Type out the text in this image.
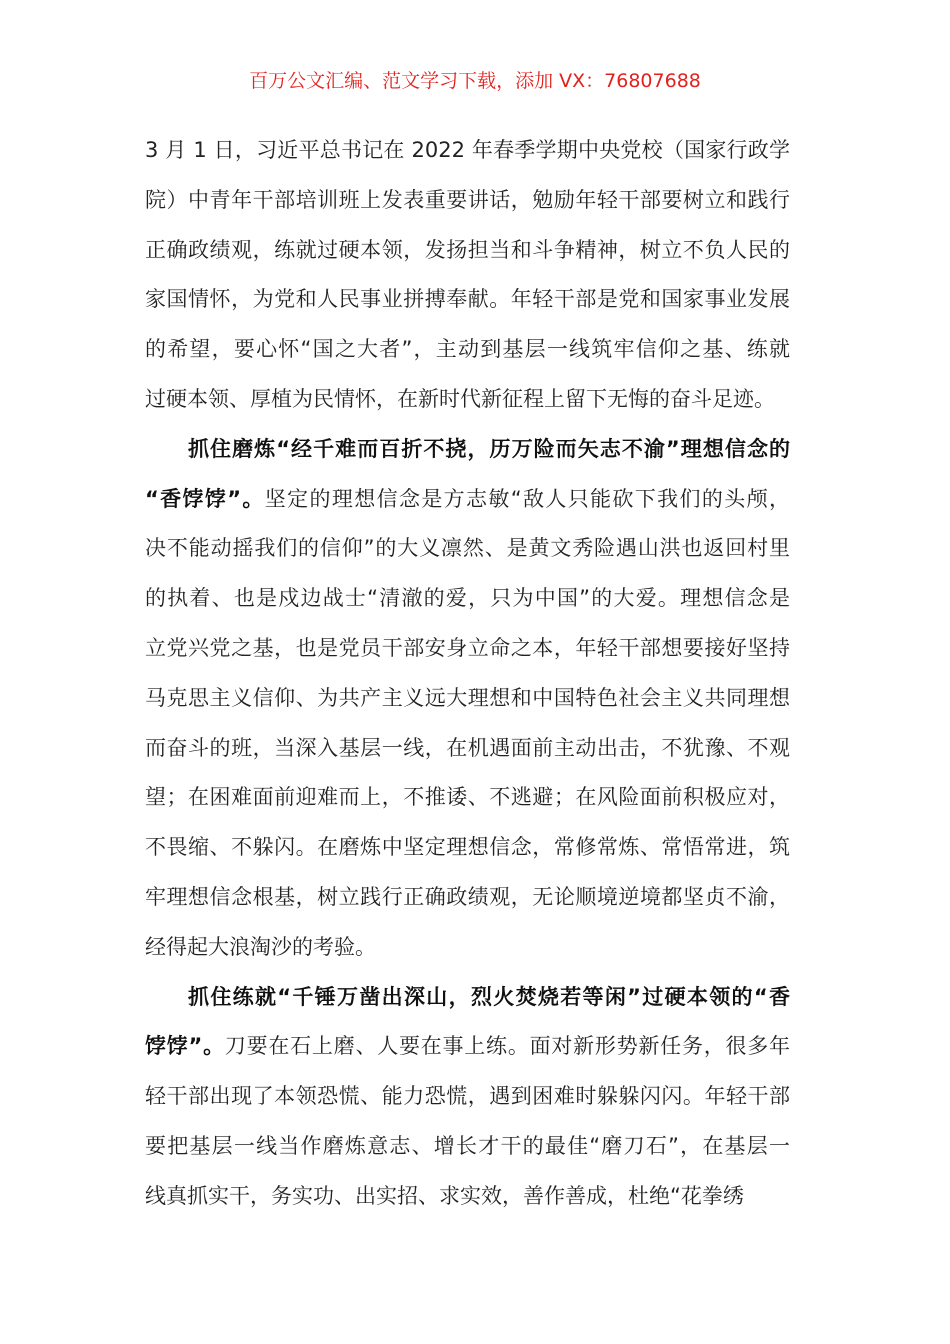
百万公文汇编、范文学习下载，添加 VX：76807688
3 月 1 日，习近平总书记在 2022 年春季学期中央党校（国家行政学
院）中青年干部培训班上发表重要讲话，勉励年轻干部要树立和践行
正确政绩观，练就过硬本领，发扬担当和斗争精神，树立不负人民的
家国情怀，为党和人民事业拼搏奉献。年轻干部是党和国家事业发展
的希望，要心怀“国之大者”，主动到基层一线筑牢信仰之基、练就
过硬本领、厚植为民情怀，在新时代新征程上留下无悔的奋斗足迹。
抓住磨炼“经千难而百折不挠，历万险而矢志不渝”理想信念的
“香饽饽”。坚定的理想信念是方志敏“敌人只能砍下我们的头颅，
决不能动摇我们的信仰”的大义凛然、是黄文秀险遇山洪也返回村里
的执着、也是戍边战士“清澈的爱，只为中国”的大爱。理想信念是
立党兴党之基，也是党员干部安身立命之本，年轻干部想要接好坚持
马克思主义信仰、为共产主义远大理想和中国特色社会主义共同理想
而奋斗的班，当深入基层一线，在机遇面前主动出击，不犹豫、不观
望；在困难面前迎难而上，不推诿、不逃避；在风险面前积极应对，
不畏缩、不躲闪。在磨炼中坚定理想信念，常修常炼、常悟常进，筑
牢理想信念根基，树立践行正确政绩观，无论顺境逆境都坚贞不渝，
经得起大浪淘沙的考验。
抓住练就“千锤万凿出深山，烈火焚烧若等闲”过硬本领的“香
饽饽”。刀要在石上磨、人要在事上练。面对新形势新任务，很多年
轻干部出现了本领恐慌、能力恐慌，遇到困难时躲躲闪闪。年轻干部
要把基层一线当作磨炼意志、增长才干的最佳“磨刀石”，在基层一
线真抓实干，务实功、出实招、求实效，善作善成，杜绝“花拳绣
